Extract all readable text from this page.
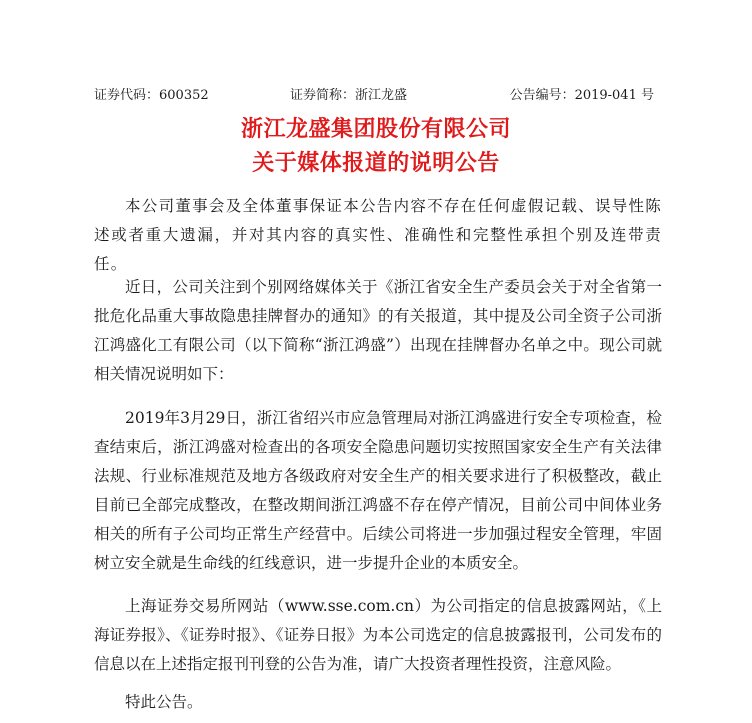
证券代码：600352	证券简称：浙江龙盛	公告编号：2019-041 号
浙江龙盛集团股份有限公司
关于媒体报道的说明公告

本公司董事会及全体董事保证本公告内容不存在任何虚假记载、误导性陈述或者重大遗漏，并对其内容的真实性、准确性和完整性承担个别及连带责任。

近日，公司关注到个别网络媒体关于《浙江省安全生产委员会关于对全省第一批危化品重大事故隐患挂牌督办的通知》的有关报道，其中提及公司全资子公司浙江鸿盛化工有限公司（以下简称“浙江鸿盛”）出现在挂牌督办名单之中。现公司就相关情况说明如下：

2019年3月29日，浙江省绍兴市应急管理局对浙江鸿盛进行安全专项检查，检查结束后，浙江鸿盛对检查出的各项安全隐患问题切实按照国家安全生产有关法律法规、行业标准规范及地方各级政府对安全生产的相关要求进行了积极整改，截止目前已全部完成整改，在整改期间浙江鸿盛不存在停产情况，目前公司中间体业务相关的所有子公司均正常生产经营中。后续公司将进一步加强过程安全管理，牢固树立安全就是生命线的红线意识，进一步提升企业的本质安全。

上海证券交易所网站（www.sse.com.cn）为公司指定的信息披露网站，《上海证券报》、《证券时报》、《证券日报》为本公司选定的信息披露报刊，公司发布的信息以在上述指定报刊刊登的公告为准，请广大投资者理性投资，注意风险。

特此公告。
